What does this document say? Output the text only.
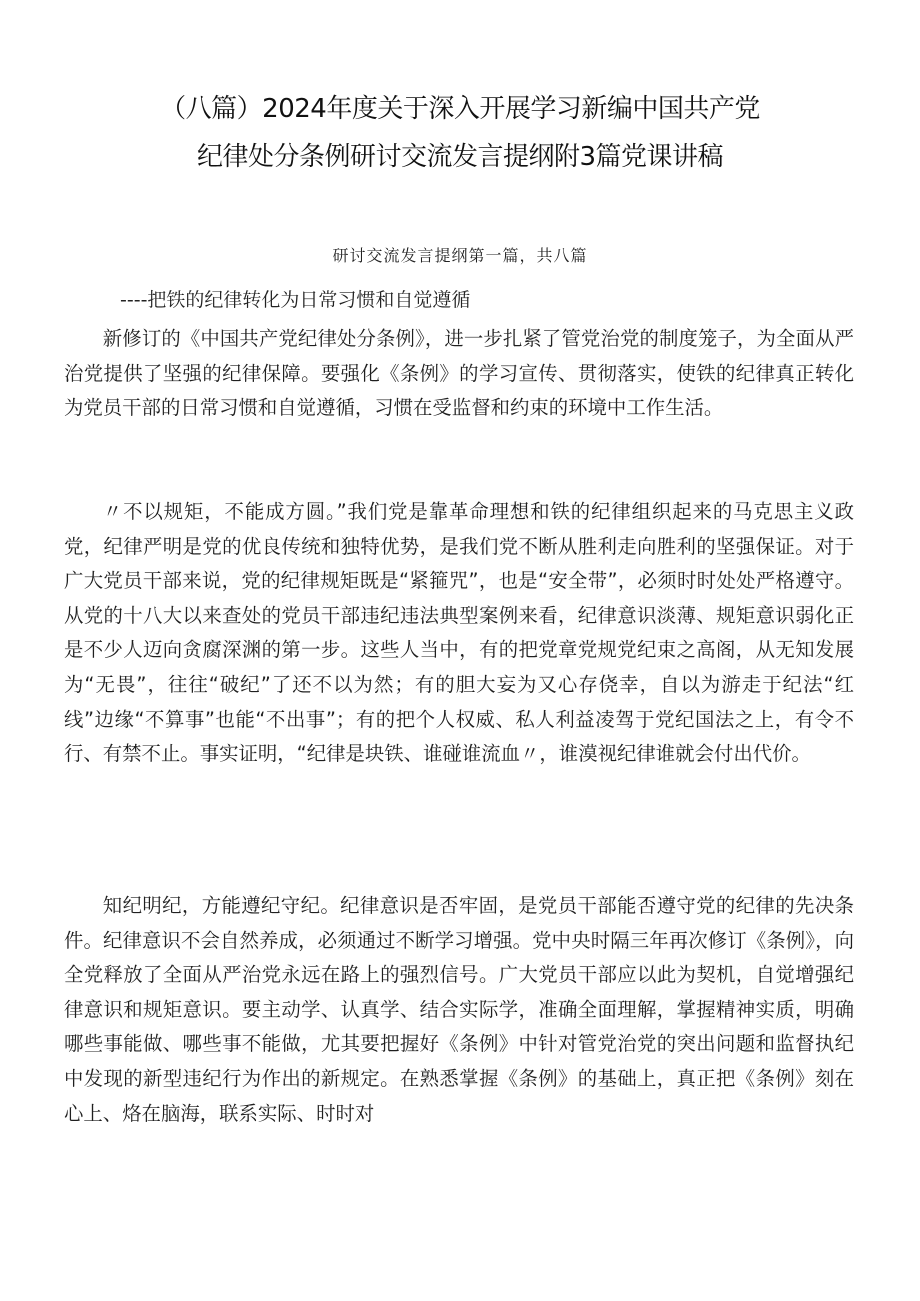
（八篇）2024年度关于深入开展学习新编中国共产党
纪律处分条例研讨交流发言提纲附3篇党课讲稿
研讨交流发言提纲第一篇，共八篇
----把铁的纪律转化为日常习惯和自觉遵循

新修订的《中国共产党纪律处分条例》，进一步扎紧了管党治党的制度笼子，为全面从严治党提供了坚强的纪律保障。要强化《条例》的学习宣传、贯彻落实，使铁的纪律真正转化为党员干部的日常习惯和自觉遵循，习惯在受监督和约束的环境中工作生活。

〃不以规矩，不能成方圆。”我们党是靠革命理想和铁的纪律组织起来的马克思主义政党，纪律严明是党的优良传统和独特优势，是我们党不断从胜利走向胜利的坚强保证。对于广大党员干部来说，党的纪律规矩既是“紧箍咒”，也是“安全带”，必须时时处处严格遵守。从党的十八大以来查处的党员干部违纪违法典型案例来看，纪律意识淡薄、规矩意识弱化正是不少人迈向贪腐深渊的第一步。这些人当中，有的把党章党规党纪束之高阁，从无知发展为“无畏”，往往“破纪”了还不以为然；有的胆大妄为又心存侥幸，自以为游走于纪法“红线”边缘“不算事”也能“不出事”；有的把个人权威、私人利益凌驾于党纪国法之上，有令不行、有禁不止。事实证明，“纪律是块铁、谁碰谁流血〃，谁漠视纪律谁就会付出代价。

知纪明纪，方能遵纪守纪。纪律意识是否牢固，是党员干部能否遵守党的纪律的先决条件。纪律意识不会自然养成，必须通过不断学习增强。党中央时隔三年再次修订《条例》，向全党释放了全面从严治党永远在路上的强烈信号。广大党员干部应以此为契机，自觉增强纪律意识和规矩意识。要主动学、认真学、结合实际学，准确全面理解，掌握精神实质，明确哪些事能做、哪些事不能做，尤其要把握好《条例》中针对管党治党的突出问题和监督执纪中发现的新型违纪行为作出的新规定。在熟悉掌握《条例》的基础上，真正把《条例》刻在心上、烙在脑海，联系实际、时时对
